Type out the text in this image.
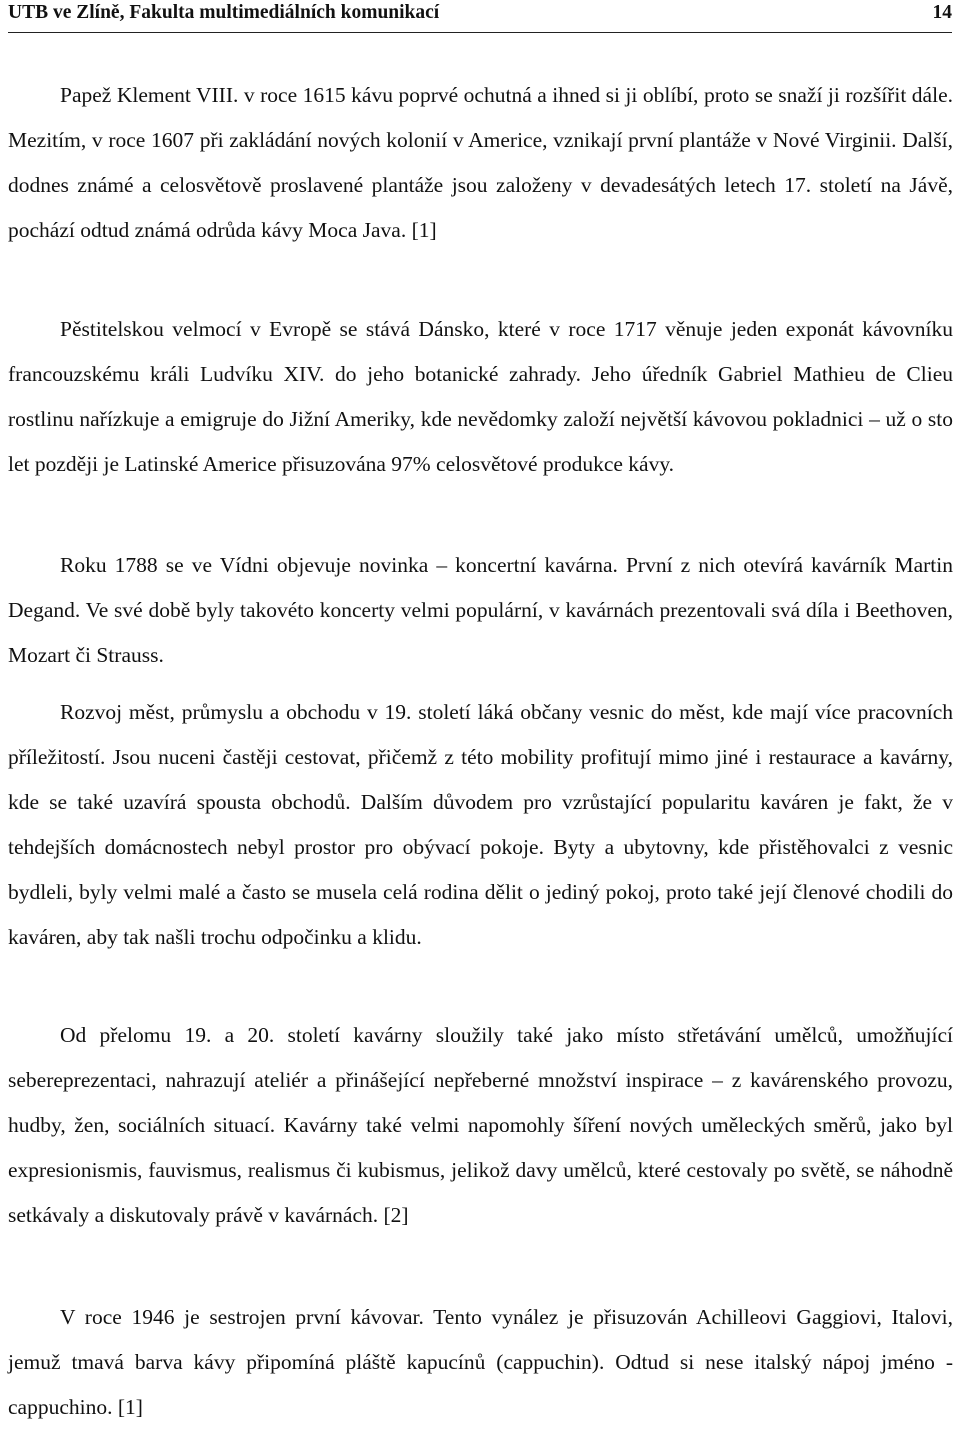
UTB ve Zlíně, Fakulta multimediálních komunikací	14

Papež Klement VIII. v roce 1615 kávu poprvé ochutná a ihned si ji oblíbí, proto se snaží ji rozšířit dále. Mezitím, v roce 1607 při zakládání nových kolonií v Americe, vznikají první plantáže v Nové Virginii. Další, dodnes známé a celosvětově proslavené plantáže jsou založeny v devadesátých letech 17. století na Jávě, pochází odtud známá odrůda kávy Moca Java. [1]

Pěstitelskou velmocí v Evropě se stává Dánsko, které v roce 1717 věnuje jeden exponát kávovníku francouzskému králi Ludvíku XIV. do jeho botanické zahrady. Jeho úředník Gabriel Mathieu de Clieu rostlinu nařízkuje a emigruje do Jižní Ameriky, kde nevědomky založí největší kávovou pokladnici – už o sto let později je Latinské Americe přisuzována 97% celosvětové produkce kávy.

Roku 1788 se ve Vídni objevuje novinka – koncertní kavárna. První z nich otevírá kavárník Martin Degand. Ve své době byly takovéto koncerty velmi populární, v kavárnách prezentovali svá díla i Beethoven, Mozart či Strauss.

Rozvoj měst, průmyslu a obchodu v 19. století láká občany vesnic do měst, kde mají více pracovních příležitostí. Jsou nuceni častěji cestovat, přičemž z této mobility profitují mimo jiné i restaurace a kavárny, kde se také uzavírá spousta obchodů. Dalším důvodem pro vzrůstající popularitu kaváren je fakt, že v tehdejších domácnostech nebyl prostor pro obývací pokoje. Byty a ubytovny, kde přistěhovalci z vesnic bydleli, byly velmi malé a často se musela celá rodina dělit o jediný pokoj, proto také její členové chodili do kaváren, aby tak našli trochu odpočinku a klidu.

Od přelomu 19. a 20. století kavárny sloužily také jako místo střetávání umělců, umožňující sebereprezentaci, nahrazují ateliér a přinášející nepřeberné množství inspirace – z kavárenského provozu, hudby, žen, sociálních situací. Kavárny také velmi napomohly šíření nových uměleckých směrů, jako byl expresionismis, fauvismus, realismus či kubismus, jelikož davy umělců, které cestovaly po světě, se náhodně setkávaly a diskutovaly právě v kavárnách. [2]

V roce 1946 je sestrojen první kávovar. Tento vynález je přisuzován Achilleovi Gaggiovi, Italovi, jemuž tmavá barva kávy připomíná pláště kapucínů (cappuchin). Odtud si nese italský nápoj jméno - cappuchino. [1]
